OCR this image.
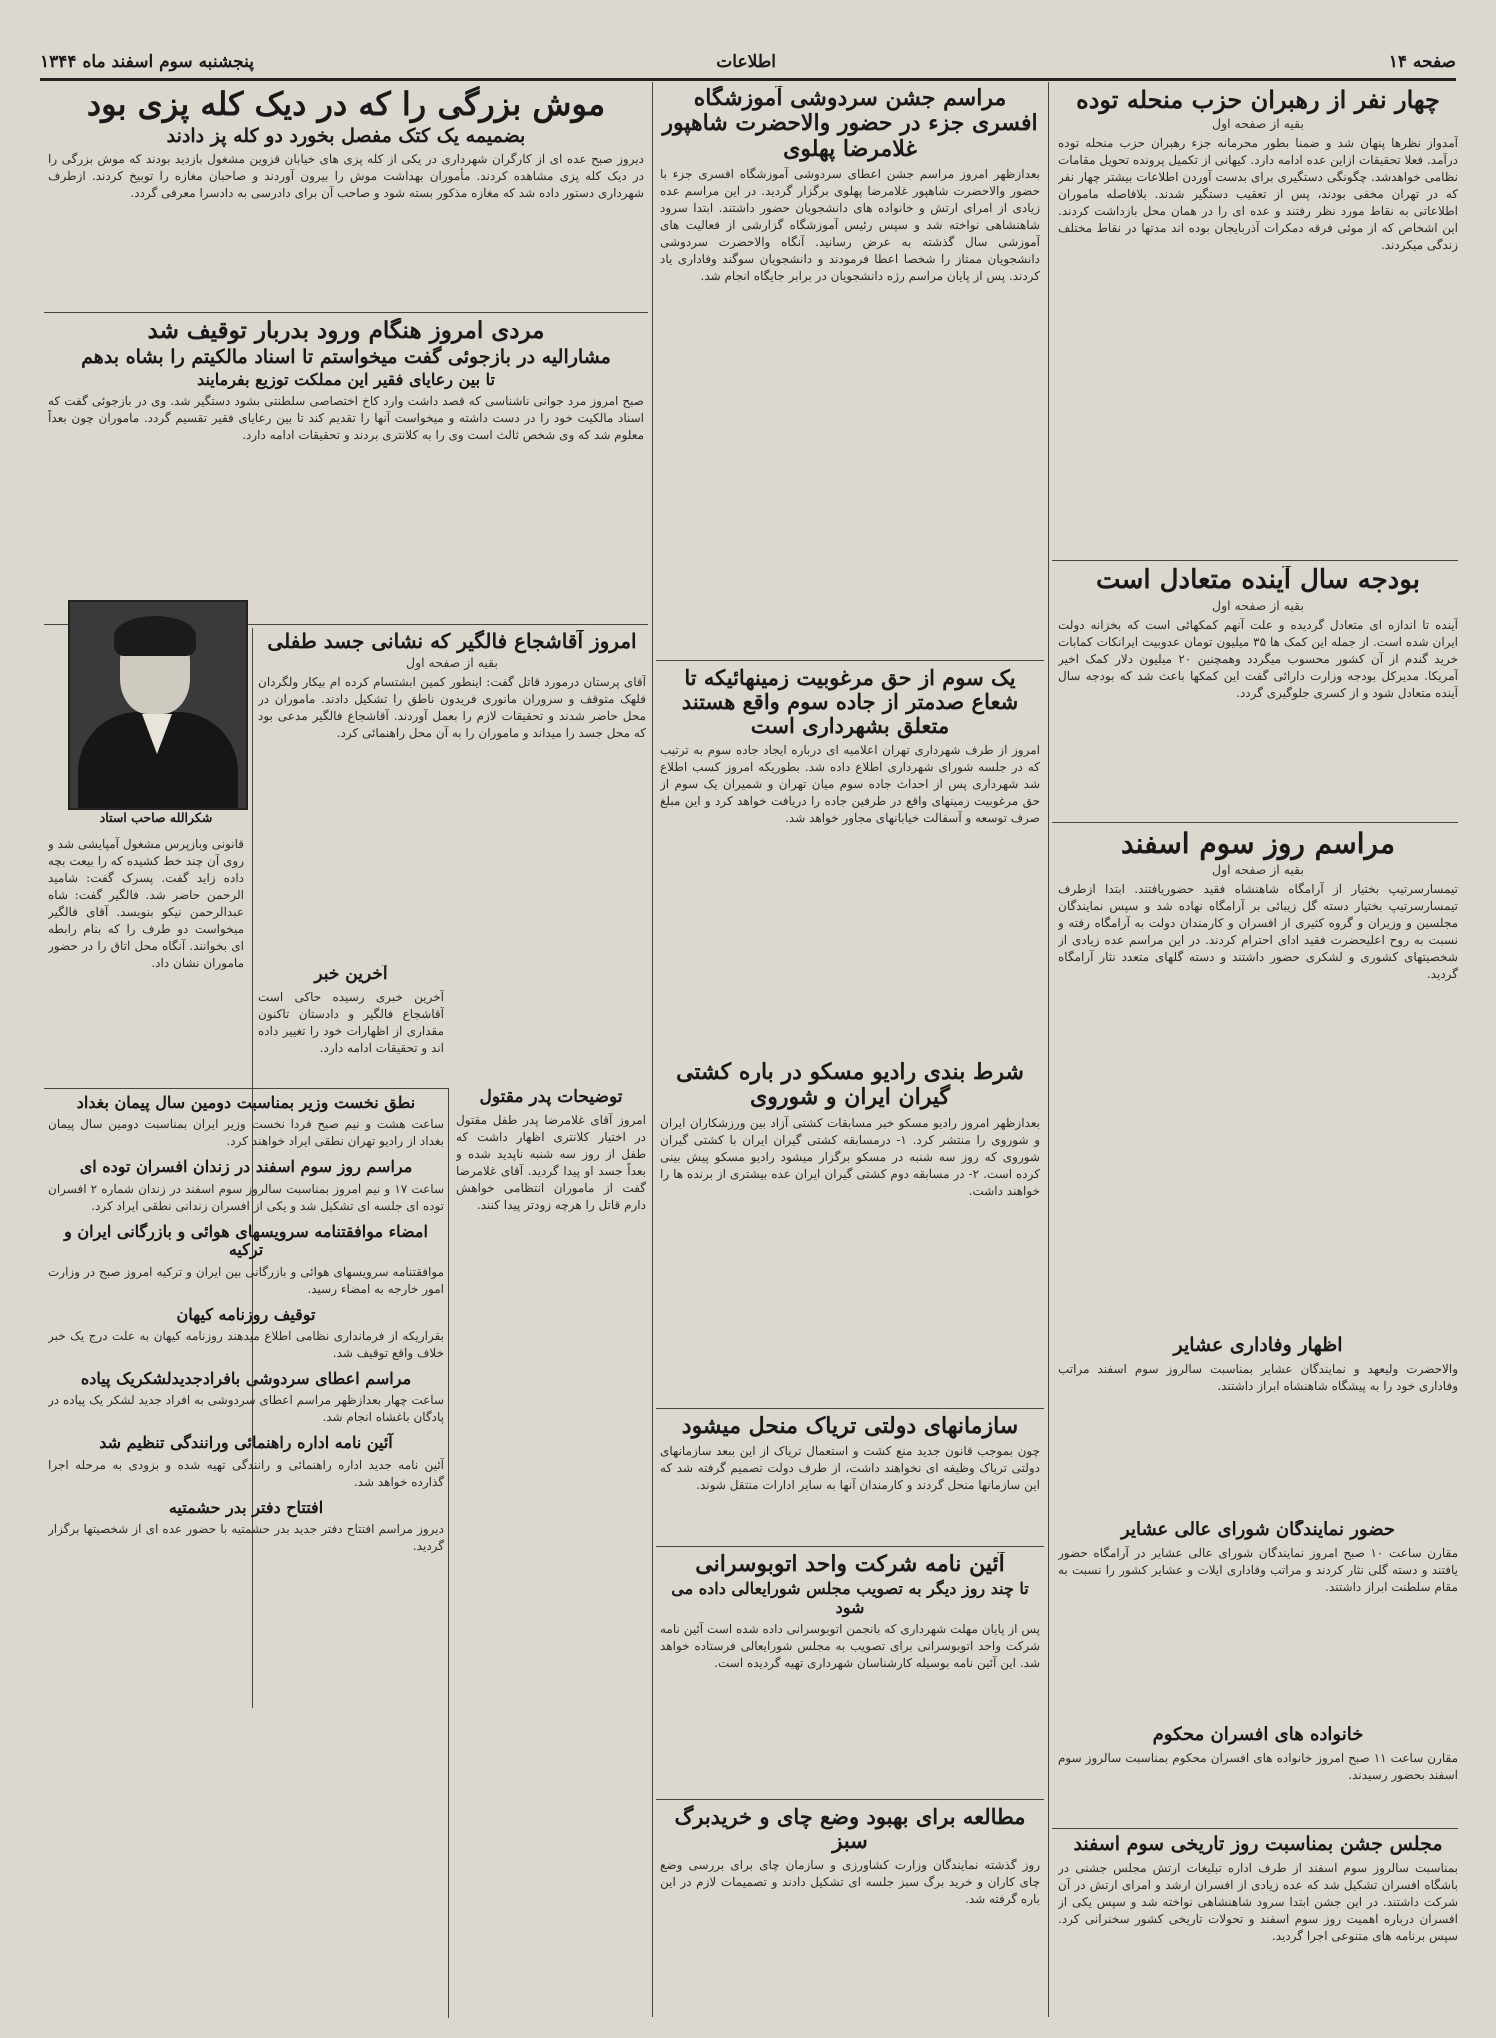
صفحه ۱۴
اطلاعات
پنجشنبه سوم اسفند ماه ۱۳۴۴
چهار نفر از رهبران حزب منحله توده
بقیه از صفحه اول
آمدواز نظرها پنهان شد و ضمنا بطور محرمانه جزء رهبران حزب منحله توده درآمد. فعلا تحقیقات ازاین عده ادامه دارد. کیهانی از تکمیل پرونده تحویل مقامات نظامی خواهدشد. چگونگی دستگیری برای بدست آوردن اطلاعات بیشتر چهار نفر که در تهران مخفی بودند، پس از تعقیب دستگیر شدند. بلافاصله ماموران اطلاعاتی به نقاط مورد نظر رفتند و عده ای را در همان محل بازداشت کردند. این اشخاص که از موئی فرقه دمکرات آذربایجان بوده اند مدتها در نقاط مختلف زندگی میکردند.
بودجه سال آینده متعادل است
بقیه از صفحه اول
آینده تا اندازه ای متعادل گردیده و علت آنهم کمکهائی است که بخزانه دولت ایران شده است. از جمله این کمک ها ۳۵ میلیون تومان عدوبیت ایرانکات کمابات خرید گندم از آن کشور محسوب میگردد وهمچنین ۲۰ میلیون دلار کمک اخیر آمریکا. مدیرکل بودجه وزارت دارائی گفت این کمکها باعث شد که بودجه سال آینده متعادل شود و از کسری جلوگیری گردد.
مراسم روز سوم اسفند
بقیه از صفحه اول
تیمسارسرتیپ بختیار از آرامگاه شاهنشاه فقید حضوریافتند. ابتدا ازطرف تیمسارسرتیپ بختیار دسته گل زیبائی بر آرامگاه نهاده شد و سپس نمایندگان مجلسین و وزیران و گروه کثیری از افسران و کارمندان دولت به آرامگاه رفته و نسبت به روح اعلیحضرت فقید ادای احترام کردند. در این مراسم عده زیادی از شخصیتهای کشوری و لشکری حضور داشتند و دسته گلهای متعدد نثار آرامگاه گردید.
اظهار وفاداری عشایر
والاحضرت ولیعهد و نمایندگان عشایر بمناسبت سالروز سوم اسفند مراتب وفاداری خود را به پیشگاه شاهنشاه ابراز داشتند.
حضور نمایندگان شورای عالی عشایر
مقارن ساعت ۱۰ صبح امروز نمایندگان شورای عالی عشایر در آرامگاه حضور یافتند و دسته گلی نثار کردند و مراتب وفاداری ایلات و عشایر کشور را نسبت به مقام سلطنت ابراز داشتند.
خانواده های افسران محکوم
مقارن ساعت ۱۱ صبح امروز خانواده های افسران محکوم بمناسبت سالروز سوم اسفند بحضور رسیدند.
مجلس جشن بمناسبت روز تاریخی سوم اسفند
بمناسبت سالروز سوم اسفند از طرف اداره تبلیغات ارتش مجلس جشنی در باشگاه افسران تشکیل شد که عده زیادی از افسران ارشد و امرای ارتش در آن شرکت داشتند. در این جشن ابتدا سرود شاهنشاهی نواخته شد و سپس یکی از افسران درباره اهمیت روز سوم اسفند و تحولات تاریخی کشور سخنرانی کرد. سپس برنامه های متنوعی اجرا گردید.
مراسم جشن سردوشی آموزشگاه افسری جزء در حضور والاحضرت شاهپور غلامرضا پهلوی
بعدازظهر امروز مراسم جشن اعطای سردوشی آموزشگاه افسری جزء با حضور والاحضرت شاهپور غلامرضا پهلوی برگزار گردید. در این مراسم عده زیادی از امرای ارتش و خانواده های دانشجویان حضور داشتند. ابتدا سرود شاهنشاهی نواخته شد و سپس رئیس آموزشگاه گزارشی از فعالیت های آموزشی سال گذشته به عرض رسانید. آنگاه والاحضرت سردوشی دانشجویان ممتاز را شخصا اعطا فرمودند و دانشجویان سوگند وفاداری یاد کردند. پس از پایان مراسم رژه دانشجویان در برابر جایگاه انجام شد.
یک سوم از حق مرغوبیت زمینهائیکه تا شعاع صدمتر از جاده سوم واقع هستند متعلق بشهرداری است
امروز از طرف شهرداری تهران اعلامیه ای درباره ایجاد جاده سوم به ترتیب که در جلسه شورای شهرداری اطلاع داده شد. بطوریکه امروز کسب اطلاع شد شهرداری پس از احداث جاده سوم میان تهران و شمیران یک سوم از حق مرغوبیت زمینهای واقع در طرفین جاده را دریافت خواهد کرد و این مبلغ صرف توسعه و آسفالت خیابانهای مجاور خواهد شد.
شرط بندی رادیو مسکو در باره کشتی گیران ایران و شوروی
بعدازظهر امروز رادیو مسکو خبر مسابقات کشتی آزاد بین ورزشکاران ایران و شوروی را منتشر کرد. ۱- درمسابقه کشتی گیران ایران با کشتی گیران شوروی که روز سه شنبه در مسکو برگزار میشود رادیو مسکو پیش بینی کرده است. ۲- در مسابقه دوم کشتی گیران ایران عده بیشتری از برنده ها را خواهند داشت.
سازمانهای دولتی تریاک منحل میشود
چون بموجب قانون جدید منع کشت و استعمال تریاک از این ببعد سازمانهای دولتی تریاک وظیفه ای نخواهند داشت، از طرف دولت تصمیم گرفته شد که این سازمانها منحل گردند و کارمندان آنها به سایر ادارات منتقل شوند.
آئین نامه شرکت واحد اتوبوسرانی
تا چند روز دیگر به تصویب مجلس شورایعالی داده می شود
پس از پایان مهلت شهرداری که بانجمن اتوبوسرانی داده شده است آئین نامه شرکت واحد اتوبوسرانی برای تصویب به مجلس شورایعالی فرستاده خواهد شد. این آئین نامه بوسیله کارشناسان شهرداری تهیه گردیده است.
مطالعه برای بهبود وضع چای و خریدبرگ سبز
روز گذشته نمایندگان وزارت کشاورزی و سازمان چای برای بررسی وضع چای کاران و خرید برگ سبز جلسه ای تشکیل دادند و تصمیمات لازم در این باره گرفته شد.
موش بزرگی را که در دیک کله پزی بود
بضمیمه یک کتک مفصل بخورد دو کله پز دادند
دیروز صبح عده ای از کارگران شهرداری در یکی از کله پزی های خیابان قزوین مشغول بازدید بودند که موش بزرگی را در دیک کله پزی مشاهده کردند. مأموران بهداشت موش را بیرون آوردند و صاحبان مغازه را توبیخ کردند. ازطرف شهرداری دستور داده شد که مغازه مذکور بسته شود و صاحب آن برای دادرسی به دادسرا معرفی گردد.
مردی امروز هنگام ورود بدربار توقیف شد
مشارالیه در بازجوئی گفت میخواستم تا اسناد مالکیتم را بشاه بدهم
تا بین رعایای فقیر این مملکت توزیع بفرمایند
صبح امروز مرد جوانی ناشناسی که قصد داشت وارد کاخ اختصاصی سلطنتی بشود دستگیر شد. وی در بازجوئی گفت که اسناد مالکیت خود را در دست داشته و میخواست آنها را تقدیم کند تا بین رعایای فقیر تقسیم گردد. ماموران چون بعداً معلوم شد که وی شخص ثالث است وی را به کلانتری بردند و تحقیقات ادامه دارد.
شکرالله صاحب استاد
قانونی وبازپرس مشغول آمپایشی شد و روی آن چند خط کشیده که را بیعت بچه داده زاید گفت. پسرک گفت: شامید الرحمن حاضر شد. فالگیر گفت: شاه عبدالرحمن نیکو بنویسد. آقای فالگیر میخواست دو طرف را که بنام رابطه ای بخوانند. آنگاه محل اتاق را در حضور ماموران نشان داد.
امروز آقاشجاع فالگیر که نشانی جسد طفلی
بقیه از صفحه اول
آقای پرستان درمورد قاتل گفت: اینطور کمین ابشتسام کرده ام بیکار ولگردان فلهک متوقف و سروران مانوری فریدون ناطق را تشکیل دادند. ماموران در محل حاضر شدند و تحقیقات لازم را بعمل آوردند. آقاشجاع فالگیر مدعی بود که محل جسد را میداند و ماموران را به آن محل راهنمائی کرد.
آخرین خبر
آخرین خبری رسیده حاکی است آقاشجاع فالگیر و دادستان تاکنون مقداری از اظهارات خود را تغییر داده اند و تحقیقات ادامه دارد.
توضیحات پدر مقتول
امروز آقای غلامرضا پدر طفل مقتول در اختیار کلانتری اظهار داشت که طفل از روز سه شنبه ناپدید شده و بعداً جسد او پیدا گردید. آقای غلامرضا گفت از ماموران انتظامی خواهش دارم قاتل را هرچه زودتر پیدا کنند.
نطق نخست وزیر بمناسبت دومین سال پیمان بغداد
ساعت هشت و نیم صبح فردا نخست وزیر ایران بمناسبت دومین سال پیمان بغداد از رادیو تهران نطقی ایراد خواهند کرد.
مراسم روز سوم اسفند در زندان افسران توده ای
ساعت ۱۷ و نیم امروز بمناسبت سالروز سوم اسفند در زندان شماره ۲ افسران توده ای جلسه ای تشکیل شد و یکی از افسران زندانی نطقی ایراد کرد.
امضاء موافقتنامه سرویسهای هوائی و بازرگانی ایران و ترکیه
موافقتنامه سرویسهای هوائی و بازرگانی بین ایران و ترکیه امروز صبح در وزارت امور خارجه به امضاء رسید.
توقیف روزنامه کیهان
بقراریکه از فرمانداری نظامی اطلاع میدهند روزنامه کیهان به علت درج یک خبر خلاف واقع توقیف شد.
مراسم اعطای سردوشی بافرادجدیدلشکریک پیاده
ساعت چهار بعدازظهر مراسم اعطای سردوشی به افراد جدید لشکر یک پیاده در پادگان باغشاه انجام شد.
آئین نامه اداره راهنمائی ورانندگی تنظیم شد
آئین نامه جدید اداره راهنمائی و رانندگی تهیه شده و بزودی به مرحله اجرا گذارده خواهد شد.
افتتاح دفتر بدر حشمتیه
دیروز مراسم افتتاح دفتر جدید بدر حشمتیه با حضور عده ای از شخصیتها برگزار گردید.
